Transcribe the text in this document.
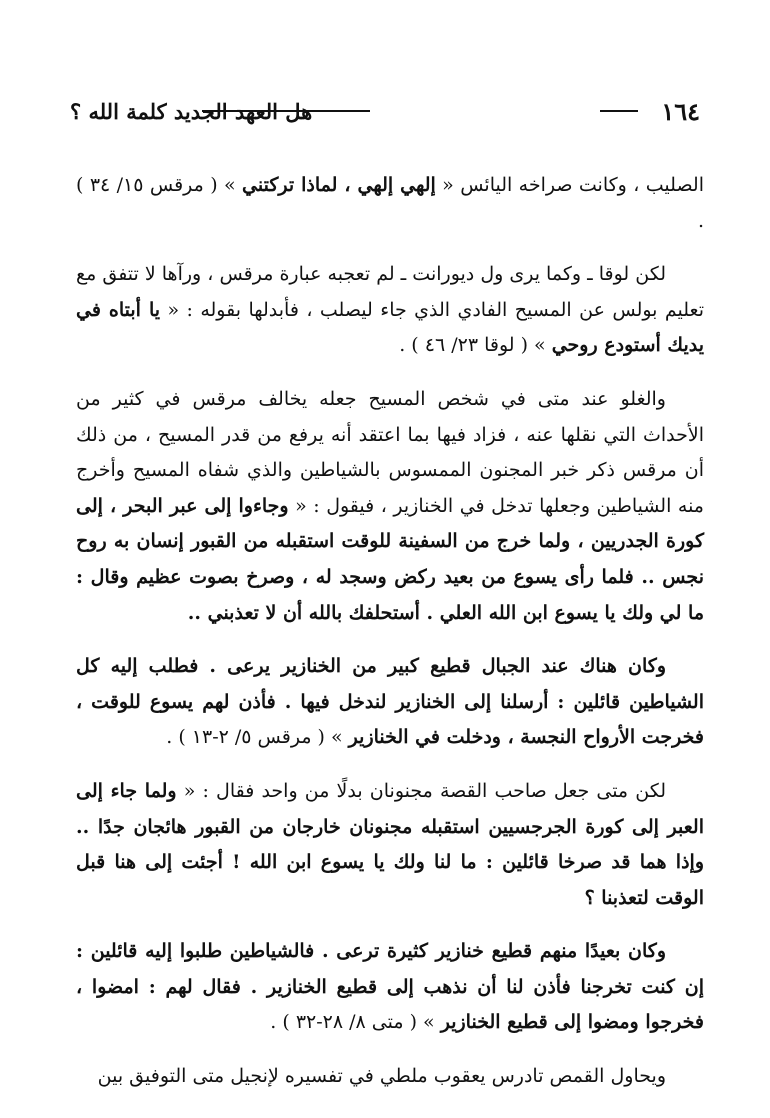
١٦٤
هل العهد الجديد كلمة الله ؟

الصليب ، وكانت صراخه اليائس « إلهي إلهي ، لماذا تركتني » ( مرقس ١٥/ ٣٤ ) .

لكن لوقا ـ وكما يرى ول ديورانت ـ لم تعجبه عبارة مرقس ، ورآها لا تتفق مع تعليم بولس عن المسيح الفادي الذي جاء ليصلب ، فأبدلها بقوله : « يا أبتاه في يديك أستودع روحي » ( لوقا ٢٣/ ٤٦ ) .

والغلو عند متى في شخص المسيح جعله يخالف مرقس في كثير من الأحداث التي نقلها عنه ، فزاد فيها بما اعتقد أنه يرفع من قدر المسيح ، من ذلك أن مرقس ذكر خبر المجنون الممسوس بالشياطين والذي شفاه المسيح وأخرج منه الشياطين وجعلها تدخل في الخنازير ، فيقول : « وجاءوا إلى عبر البحر ، إلى كورة الجدريين ، ولما خرج من السفينة للوقت استقبله من القبور إنسان به روح نجس .. فلما رأى يسوع من بعيد ركض وسجد له ، وصرخ بصوت عظيم وقال : ما لي ولك يا يسوع ابن الله العلي . أستحلفك بالله أن لا تعذبني ..

وكان هناك عند الجبال قطيع كبير من الخنازير يرعى . فطلب إليه كل الشياطين قائلين : أرسلنا إلى الخنازير لندخل فيها . فأذن لهم يسوع للوقت ، فخرجت الأرواح النجسة ، ودخلت في الخنازير » ( مرقس ٥/ ٢-١٣ ) .

لكن متى جعل صاحب القصة مجنونان بدلًا من واحد فقال : « ولما جاء إلى العبر إلى كورة الجرجسيين استقبله مجنونان خارجان من القبور هائجان جدًا .. وإذا هما قد صرخا قائلين : ما لنا ولك يا يسوع ابن الله ! أجئت إلى هنا قبل الوقت لتعذبنا ؟

وكان بعيدًا منهم قطيع خنازير كثيرة ترعى . فالشياطين طلبوا إليه قائلين : إن كنت تخرجنا فأذن لنا أن نذهب إلى قطيع الخنازير . فقال لهم : امضوا ، فخرجوا ومضوا إلى قطيع الخنازير » ( متى ٨/ ٢٨-٣٢ ) .

ويحاول القمص تادرس يعقوب ملطي في تفسيره لإنجيل متى التوفيق بين
